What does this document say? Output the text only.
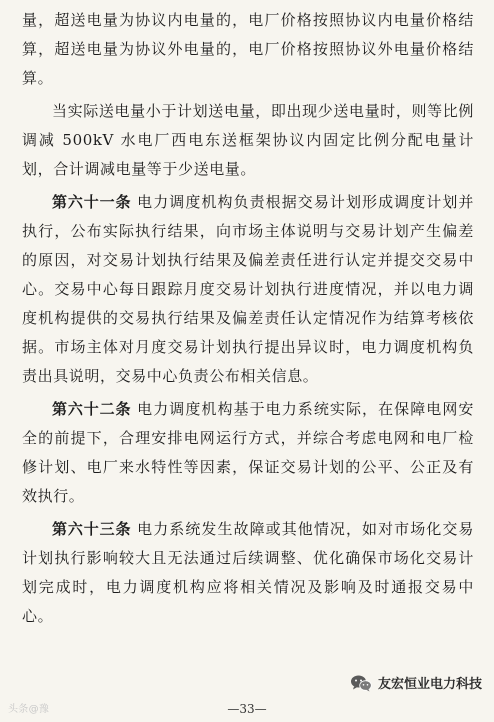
量，超送电量为协议内电量的，电厂价格按照协议内电量价格结算，超送电量为协议外电量的，电厂价格按照协议外电量价格结算。

当实际送电量小于计划送电量，即出现少送电量时，则等比例调减 500kV 水电厂西电东送框架协议内固定比例分配电量计划，合计调减电量等于少送电量。

第六十一条 电力调度机构负责根据交易计划形成调度计划并执行，公布实际执行结果，向市场主体说明与交易计划产生偏差的原因，对交易计划执行结果及偏差责任进行认定并提交交易中心。交易中心每日跟踪月度交易计划执行进度情况，并以电力调度机构提供的交易执行结果及偏差责任认定情况作为结算考核依据。市场主体对月度交易计划执行提出异议时，电力调度机构负责出具说明，交易中心负责公布相关信息。

第六十二条 电力调度机构基于电力系统实际，在保障电网安全的前提下，合理安排电网运行方式，并综合考虑电网和电厂检修计划、电厂来水特性等因素，保证交易计划的公平、公正及有效执行。

第六十三条 电力系统发生故障或其他情况，如对市场化交易计划执行影响较大且无法通过后续调整、优化确保市场化交易计划完成时，电力调度机构应将相关情况及影响及时通报交易中心。

友宏恒业电力科技
头条@豫	—33—
